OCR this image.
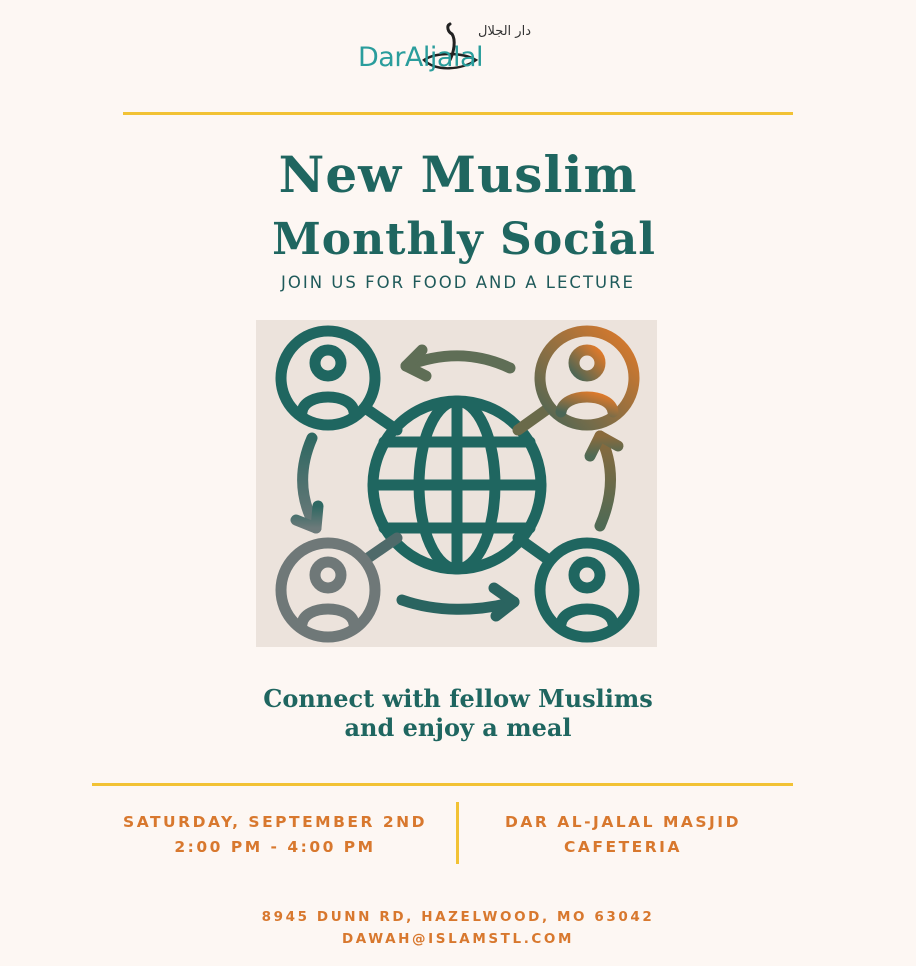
دار الجلال
DarAljalal
New Muslim
Monthly Social
JOIN US FOR FOOD AND A LECTURE
Connect with fellow Muslims
and enjoy a meal
SATURDAY, SEPTEMBER 2ND
2:00 PM - 4:00 PM
DAR AL-JALAL MASJID
CAFETERIA
8945 DUNN RD, HAZELWOOD, MO 63042
DAWAH@ISLAMSTL.COM
